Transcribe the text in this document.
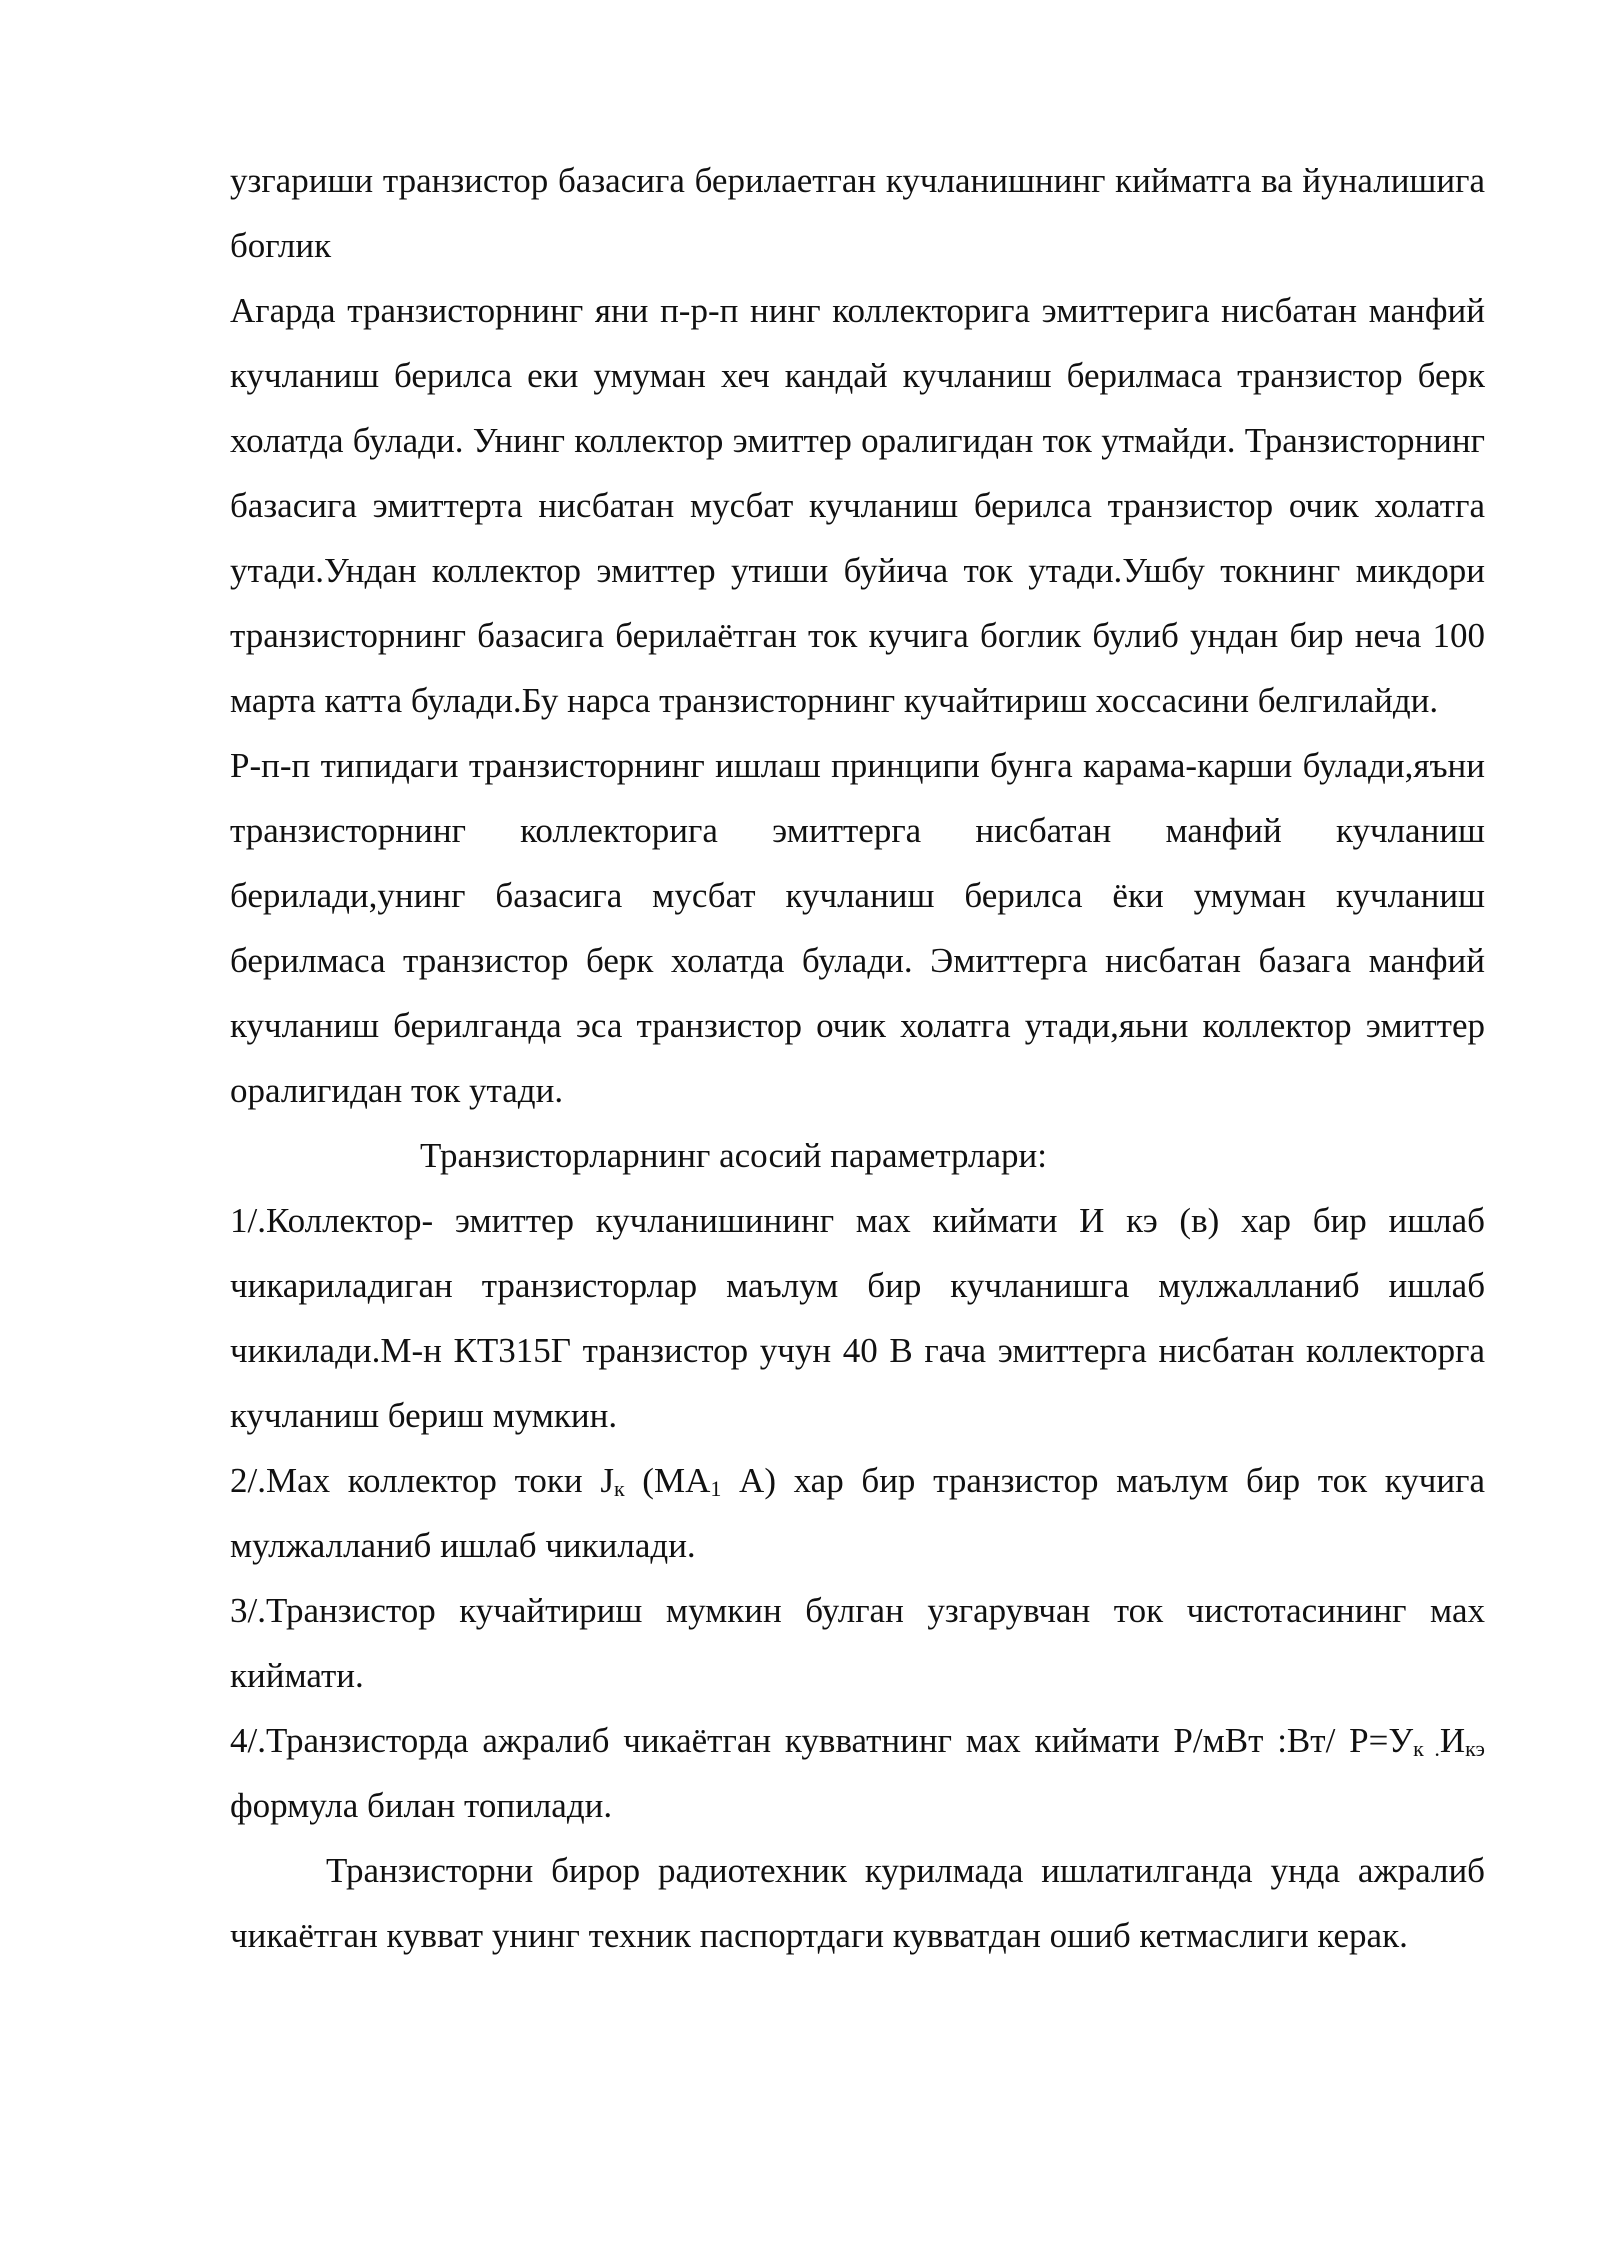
узгариши транзистор базасига берилаетган кучланишнинг кийматга ва йуналишига боглик

Агарда транзисторнинг яни п-р-п нинг коллекторига эмиттерига нисбатан манфий кучланиш берилса еки умуман хеч кандай кучланиш берилмаса транзистор берк холатда булади. Унинг коллектор эмиттер оралигидан ток утмайди. Транзисторнинг базасига эмиттерта нисбатан мусбат кучланиш берилса транзистор очик холатга утади.Ундан коллектор эмиттер утиши буйича ток утади.Ушбу токнинг микдори транзисторнинг базасига берилаётган ток кучига боглик булиб ундан бир неча 100 марта катта булади.Бу нарса транзисторнинг кучайтириш хоссасини белгилайди.

Р-п-п типидаги транзисторнинг ишлаш принципи бунга карама-карши булади,яъни транзисторнинг коллекторига эмиттерга нисбатан манфий кучланиш берилади,унинг базасига мусбат кучланиш берилса ёки умуман кучланиш берилмаса транзистор берк холатда булади. Эмиттерга нисбатан базага манфий кучланиш берилганда эса транзистор очик холатга утади,яьни коллектор эмиттер оралигидан ток утади.

Транзисторларнинг асосий параметрлари:

1/.Коллектор- эмиттер кучланишининг мах киймати И кэ (в) хар бир ишлаб чикариладиган транзисторлар маълум бир кучланишга мулжалланиб ишлаб чикилади.М-н КТ315Г транзистор учун 40 В гача эмиттерга нисбатан коллекторга кучланиш бериш мумкин.

2/.Мах коллектор токи $J_к$ ($МА_1$ А) хар бир транзистор маълум бир ток кучига мулжалланиб ишлаб чикилади.

3/.Транзистор кучайтириш мумкин булган узгарувчан ток чистотасининг мах киймати.

4/.Транзисторда ажралиб чикаётган кувватнинг мах киймати Р/мВт :Вт/ $Р=У_{к .}И_{кэ}$ формула билан топилади.

Транзисторни бирор радиотехник курилмада ишлатилганда унда ажралиб чикаётган кувват унинг техник паспортдаги кувватдан ошиб кетмаслиги керак.
